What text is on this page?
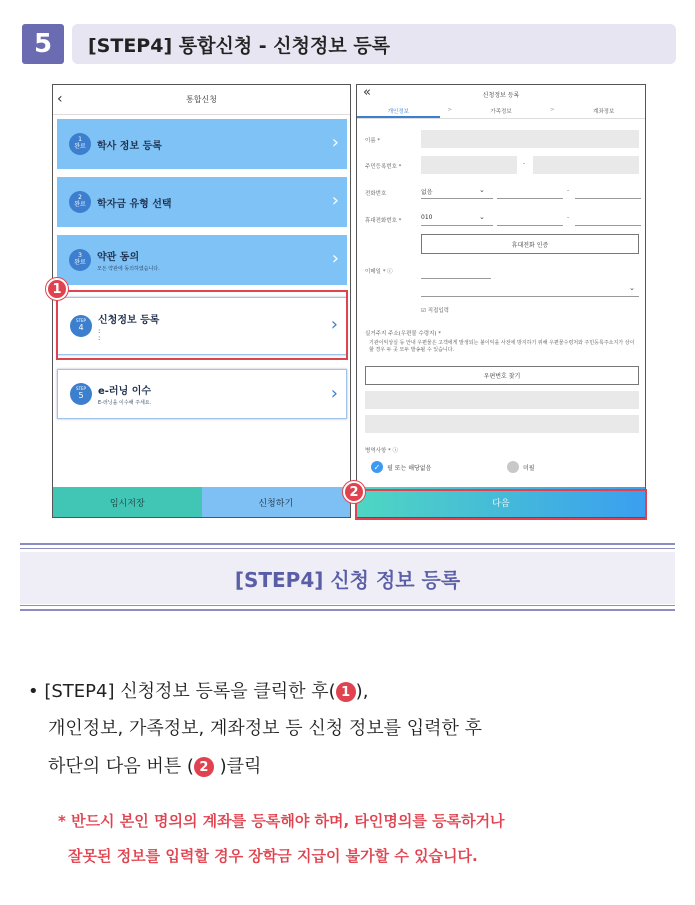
5	[STEP4] 통합신청 - 신청정보 등록
‹	통합신청
1
완료 학사 정보 등록	›
2
완료 학자금 유형 선택	›
3
완료 약관 동의
모든 약관에 동의하였습니다.	›
STEP
4
신청정보 등록
:
:
›
STEP
5 e-러닝 이수
E-러닝을 이수해 주세요.	›
임시저장	신청하기
1
«	신청정보 등록
개인정보	>	가족정보	>	계좌정보
이름 *
주민등록번호 *	-
전화번호	없음	⌄	-
휴대전화번호 *	010	⌄	-
휴대전화 인증
이메일 * ⓘ
⌄
☑ 직접입력
실거주지 주소(우편물 수령지) *
기관이익상실 등 안내 우편물은 고객에게 발생되는 불이익을 사전에 방지하기 위해 우편물수령처와 주민등록주소지가 상이할 경우 두 곳 모두 발송될 수 있습니다.
우편번호 찾기
병역사항 * ⓘ
✓	필 또는 해당없음	미필
다음
2
[STEP4] 신청 정보 등록
• [STEP4] 신청정보 등록을 클릭한 후( 1 ),
개인정보, 가족정보, 계좌정보 등 신청 정보를 입력한 후
하단의 다음 버튼 ( 2 )클릭
* 반드시 본인 명의의 계좌를 등록해야 하며, 타인명의를 등록하거나
잘못된 정보를 입력할 경우 장학금 지급이 불가할 수 있습니다.
